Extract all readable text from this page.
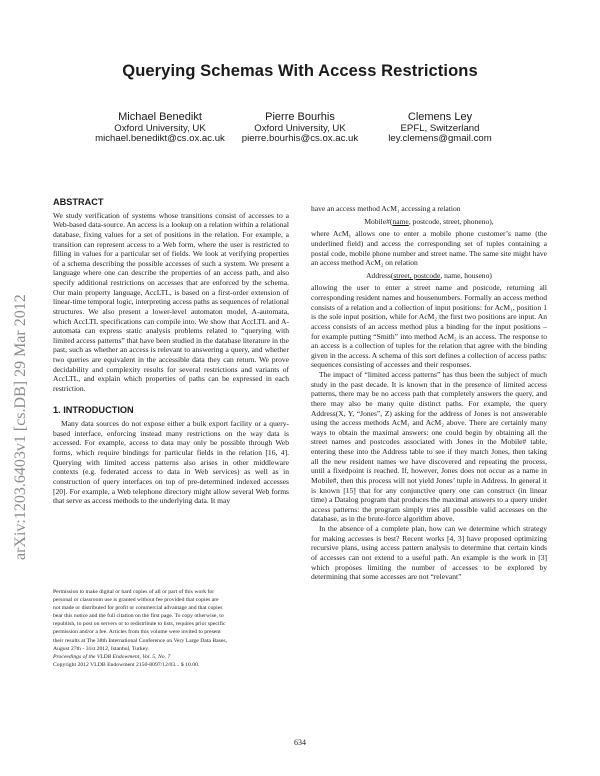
Querying Schemas With Access Restrictions
Michael Benedikt
Oxford University, UK
michael.benedikt@cs.ox.ac.uk
Pierre Bourhis
Oxford University, UK
pierre.bourhis@cs.ox.ac.uk
Clemens Ley
EPFL, Switzerland
ley.clemens@gmail.com
arXiv:1203.6403v1 [cs.DB] 29 Mar 2012
ABSTRACT

We study verification of systems whose transitions consist of accesses to a Web-based data-source. An access is a lookup on a relation within a relational database, fixing values for a set of positions in the relation. For example, a transition can represent access to a Web form, where the user is restricted to filling in values for a particular set of fields. We look at verifying properties of a schema describing the possible accesses of such a system. We present a language where one can describe the properties of an access path, and also specify additional restrictions on accesses that are enforced by the schema. Our main property language, AccLTL, is based on a first-order extension of linear-time temporal logic, interpreting access paths as sequences of relational structures. We also present a lower-level automaton model, A-automata, which AccLTL specifications can compile into. We show that AccLTL and A-automata can express static analysis problems related to “querying with limited access patterns” that have been studied in the database literature in the past, such as whether an access is relevant to answering a query, and whether two queries are equivalent in the accessible data they can return. We prove decidability and complexity results for several restrictions and variants of AccLTL, and explain which properties of paths can be expressed in each restriction.

1. INTRODUCTION

Many data sources do not expose either a bulk export facility or a query-based interface, enforcing instead many restrictions on the way data is accessed. For example, access to data may only be possible through Web forms, which require bindings for particular fields in the relation [16, 4]. Querying with limited access patterns also arises in other middleware contexts (e.g. federated access to data in Web services) as well as in construction of query interfaces on top of pre-determined indexed accesses [20]. For example, a Web telephone directory might allow several Web forms that serve as access methods to the underlying data. It may

Permission to make digital or hard copies of all or part of this work for

personal or classroom use is granted without fee provided that copies are

not made or distributed for profit or commercial advantage and that copies

bear this notice and the full citation on the first page. To copy otherwise, to

republish, to post on servers or to redistribute to lists, requires prior specific

permission and/or a fee. Articles from this volume were invited to present

their results at The 38th International Conference on Very Large Data Bases,

August 27th - 31st 2012, Istanbul, Turkey.

Proceedings of the VLDB Endowment, Vol. 5, No. 7

Copyright 2012 VLDB Endowment 2150-8097/12/03... $ 10.00.

have an access method AcM₁ accessing a relation

Mobile#(name, postcode, street, phoneno),

where AcM₁ allows one to enter a mobile phone customer’s name (the underlined field) and access the corresponding set of tuples containing a postal code, mobile phone number and street name. The same site might have an access method AcM₂ on relation

Address(street, postcode, name, houseno)

allowing the user to enter a street name and postcode, returning all corresponding resident names and housenumbers. Formally an access method consists of a relation and a collection of input positions: for AcM₁, position 1 is the sole input position, while for AcM₂ the first two positions are input. An access consists of an access method plus a binding for the input positions – for example putting “Smith” into method AcM₂ is an access. The response to an access is a collection of tuples for the relation that agree with the binding given in the access. A schema of this sort defines a collection of access paths: sequences consisting of accesses and their responses.

The impact of “limited access patterns” has thus been the subject of much study in the past decade. It is known that in the presence of limited access patterns, there may be no access path that completely answers the query, and there may also be many quite distinct paths. For example, the query Address(X, Y, “Jones”, Z) asking for the address of Jones is not answerable using the access methods AcM₁ and AcM₂ above. There are certainly many ways to obtain the maximal answers: one could begin by obtaining all the street names and postcodes associated with Jones in the Mobile# table, entering these into the Address table to see if they match Jones, then taking all the new resident names we have discovered and repeating the process, until a fixedpoint is reached. If, however, Jones does not occur as a name in Mobile#, then this process will not yield Jones’ tuple in Address. In general it is known [15] that for any conjunctive query one can construct (in linear time) a Datalog program that produces the maximal answers to a query under access patterns: the program simply tries all possible valid accesses on the database, as in the brute-force algorithm above.

In the absence of a complete plan, how can we determine which strategy for making accesses is best? Recent works [4, 3] have proposed optimizing recursive plans, using access pattern analysis to determine that certain kinds of accesses can not extend to a useful path. An example is the work in [3] which proposes limiting the number of accesses to be explored by determining that some accesses are not “relevant”

634
